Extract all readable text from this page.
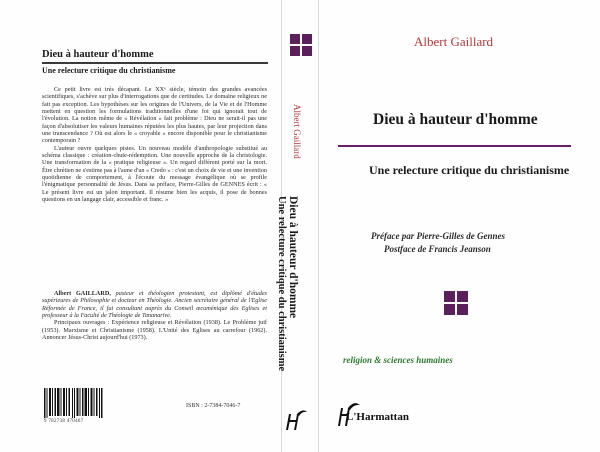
Dieu à hauteur d'homme
Une relecture critique du christianisme

Ce petit livre est très décapant. Le XXᵉ siècle, témoin des grandes avancées scientifiques, s'achève sur plus d'interrogations que de certitudes. Le domaine religieux ne fait pas exception. Les hypothèses sur les origines de l'Univers, de la Vie et de l'Homme mettent en question les formulations traditionnelles d'une foi qui ignorait tout de l'évolution. La notion même de « Révélation » fait problème : Dieu ne serait-il pas une façon d'absolutiser les valeurs humaines réputées les plus hautes, par leur projection dans une transcendance ? Où est alors le « croyable » encore disponible pour le christianisme contemporain ?

L'auteur ouvre quelques pistes. Un nouveau modèle d'anthropologie substitué au schéma classique : création-chute-rédemption. Une nouvelle approche de la christologie. Une transformation de la « pratique religieuse ». Un regard différent porté sur la mort. Être chrétien ne s'estime pas à l'aune d'un « Credo » : c'est un choix de vie et une invention quotidienne de comportement, à l'écoute du message évangélique où se profile l'énigmatique personnalité de Jésus. Dans sa préface, Pierre-Gilles de GENNES écrit : « Le présent livre est un jalon important. Il résume bien les acquis, il pose de bonnes questions en un langage clair, accessible et franc. »

Albert GAILLARD, pasteur et théologien protestant, est diplômé d'études supérieures de Philosophie et docteur en Théologie. Ancien secrétaire général de l'Eglise Réformée de France, il fut consultant auprès du Conseil œcuménique des Eglises et professeur à la Faculté de Théologie de Tananarive.

Principaux ouvrages : Expérience religieuse et Révélation (1938). Le Problème juif (1953). Marxisme et Christianisme (1958). L'Unité des Eglises au carrefour (1962). Annoncer Jésus-Christ aujourd'hui (1973).

9 782738 470467
ISBN : 2-7384-7046-7
Albert Gaillard
Dieu à hauteur d'homme
Une relecture critique du christianisme
Albert Gaillard
Dieu à hauteur d'homme
Une relecture critique du christianisme
Préface par Pierre-Gilles de Gennes
Postface de Francis Jeanson
religion & sciences humaines
L'Harmattan
